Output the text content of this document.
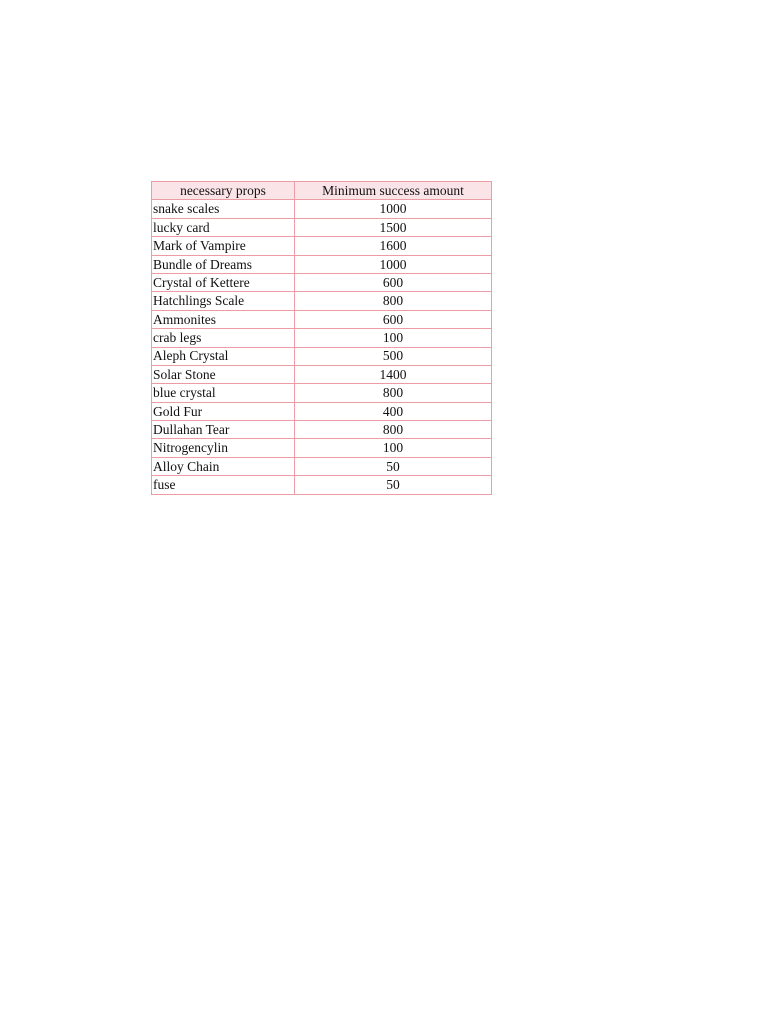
necessary props	Minimum success amount
snake scales	1000
lucky card	1500
Mark of Vampire	1600
Bundle of Dreams	1000
Crystal of Kettere	600
Hatchlings Scale	800
Ammonites	600
crab legs	100
Aleph Crystal	500
Solar Stone	1400
blue crystal	800
Gold Fur	400
Dullahan Tear	800
Nitrogencylin	100
Alloy Chain	50
fuse	50
